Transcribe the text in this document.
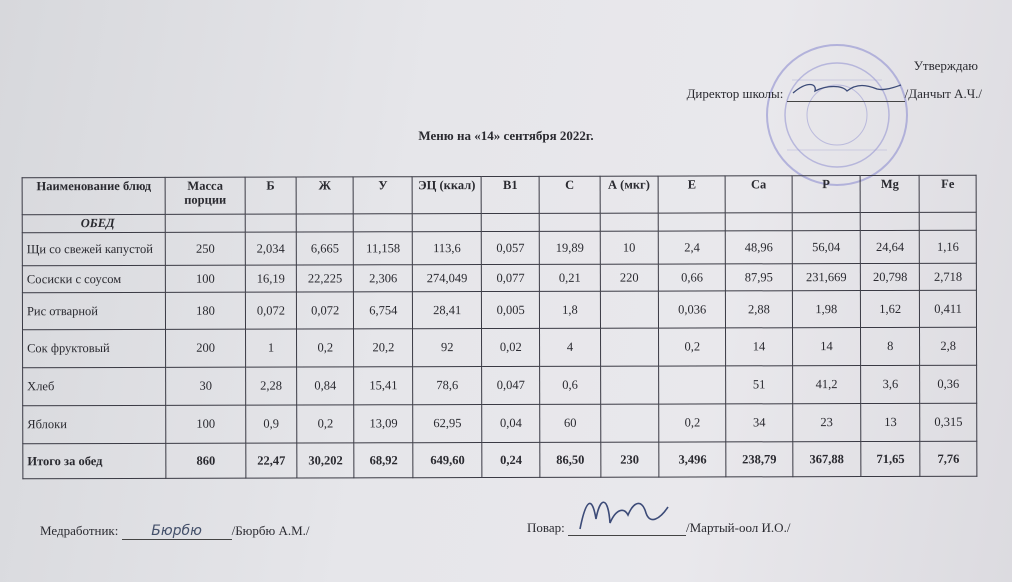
Утверждаю
Директор школы:	/Данчыт А.Ч./
Меню на «14» сентября 2022г.
Наименование блюд	Масса порции	Б	Ж	У	ЭЦ (ккал)	В1	С	А (мкг)	Е	Ca	P	Mg	Fe
ОБЕД													
Щи со свежей капустой	250	2,034	6,665	11,158	113,6	0,057	19,89	10	2,4	48,96	56,04	24,64	1,16
Сосиски с соусом	100	16,19	22,225	2,306	274,049	0,077	0,21	220	0,66	87,95	231,669	20,798	2,718
Рис отварной	180	0,072	0,072	6,754	28,41	0,005	1,8		0,036	2,88	1,98	1,62	0,411
Сок фруктовый	200	1	0,2	20,2	92	0,02	4		0,2	14	14	8	2,8
Хлеб	30	2,28	0,84	15,41	78,6	0,047	0,6			51	41,2	3,6	0,36
Яблоки	100	0,9	0,2	13,09	62,95	0,04	60		0,2	34	23	13	0,315
Итого за обед	860	22,47	30,202	68,92	649,60	0,24	86,50	230	3,496	238,79	367,88	71,65	7,76
Медработник: Бюрбю /Бюрбю А.М./	Повар:	/Мартый-оол И.О./
